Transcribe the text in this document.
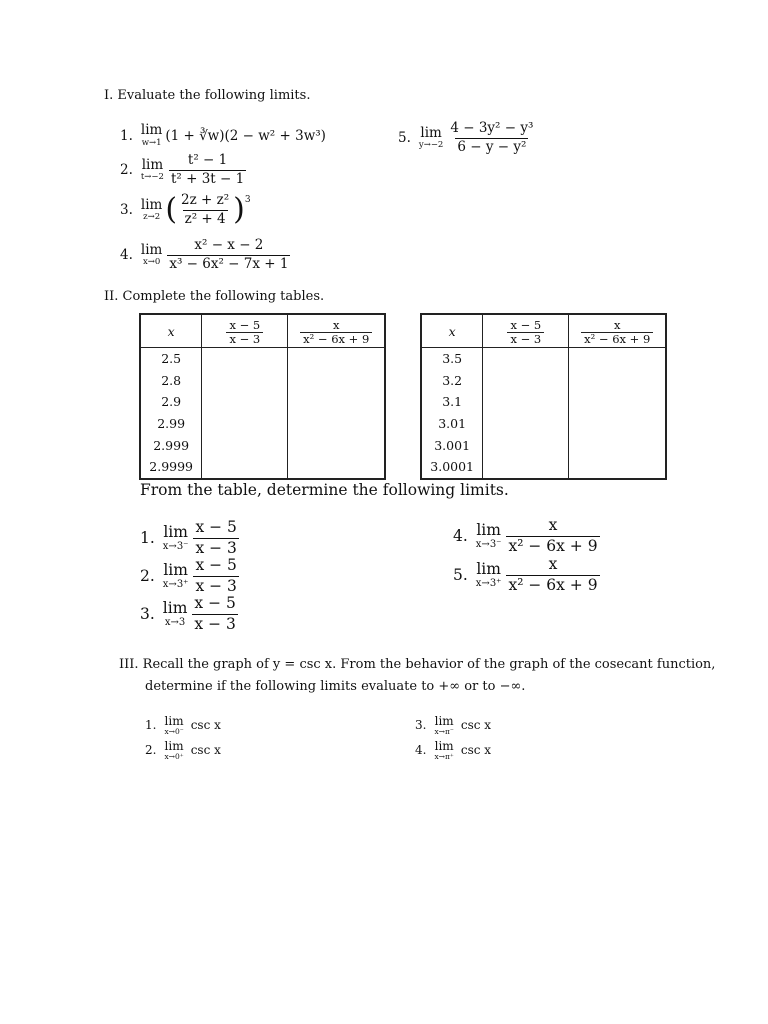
I. Evaluate the following limits.
1. lim
w→1 (1 + ∛w)(2 − w² + 3w³)
2. lim
$t\to-2 \frac{\text{t² − 1}}{\text{t² + 3t − 1}}$
3. lim
z→2 ( $\frac{\text{2z + z²}}{\text{z² + 4}} )^3$
4. lim
$x\to 0 \frac{\text{x² − x − 2}}{\text{x³ − 6x² − 7x + 1}}$
5. lim
$y\to-2 \frac{\text{4 − 3y² − y³}}{\text{6 − y − y²}}$
II. Complete the following tables.
x	$\frac{x - 5}{x - 3}$	$\frac{x}{\text{x² − 6x + 9}}$

2.5		
2.8		
2.9		
2.99		
2.999		
2.9999		
x	$\frac{x - 5}{x - 3}$	$\frac{x}{\text{x² − 6x + 9}}$

3.5		
3.2		
3.1		
3.01		
3.001		
3.0001		
From the table, determine the following limits.
1. lim
$x\to 3^- \frac{x - 5}{x - 3}$
2. lim
$x\to 3^+ \frac{x - 5}{x - 3}$
3. lim
$x\to 3 \frac{x - 5}{x - 3}$
4. lim
$x\to 3^- \frac{x}{\text{x² − 6x + 9}}$
5. lim
$x\to 3^+ \frac{x}{\text{x² − 6x + 9}}$
III. Recall the graph of y = csc x. From the behavior of the graph of the cosecant function,
determine if the following limits evaluate to +∞ or to −∞.
1. lim
x→0⁻ csc x
2. lim
x→0⁺ csc x
3. lim
x→π⁻ csc x
4. lim
x→π⁺ csc x
